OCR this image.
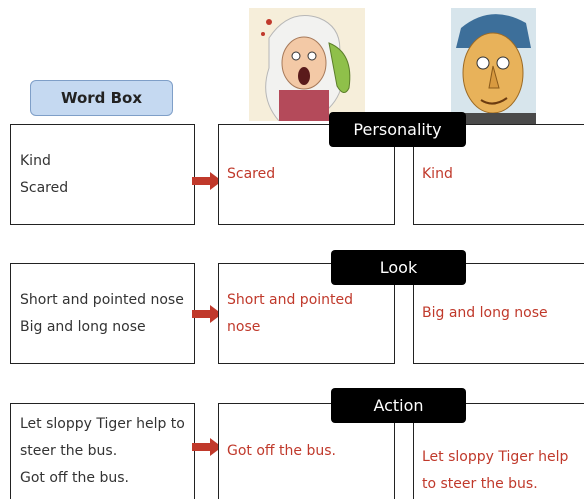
Word Box
Kind
Scared
Scared	Kind
Personality
Short and pointed nose
Big and long nose
Short and pointed
nose
Big and long nose
Look
Let sloppy Tiger help to
steer the bus.
Got off the bus.
Got off the bus.	Let sloppy Tiger help
to steer the bus.
Action
